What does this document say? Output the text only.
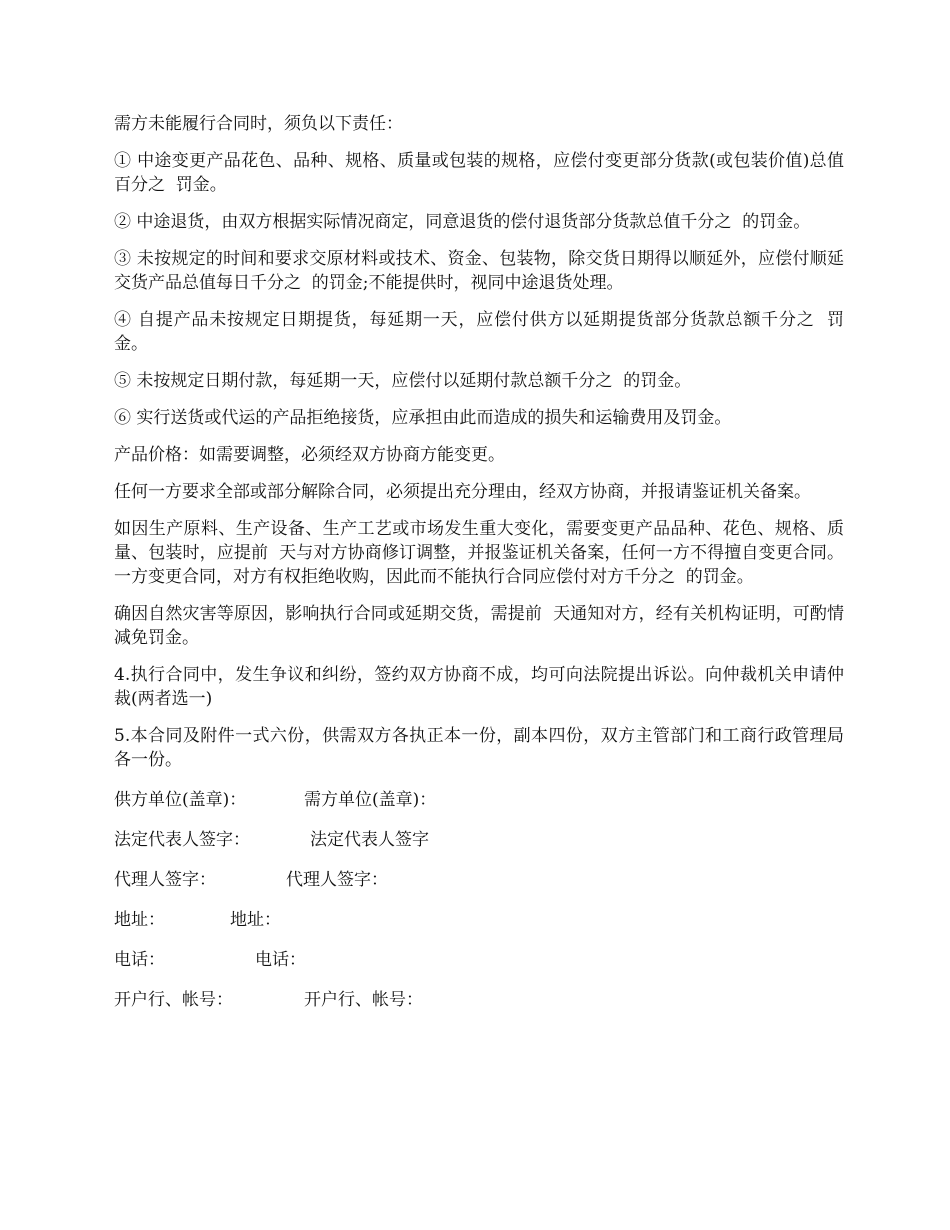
需方未能履行合同时，须负以下责任：

① 中途变更产品花色、品种、规格、质量或包装的规格，应偿付变更部分货款(或包装价值)总值百分之  罚金。

② 中途退货，由双方根据实际情况商定，同意退货的偿付退货部分货款总值千分之  的罚金。

③ 未按规定的时间和要求交原材料或技术、资金、包装物，除交货日期得以顺延外，应偿付顺延交货产品总值每日千分之  的罚金;不能提供时，视同中途退货处理。

④ 自提产品未按规定日期提货，每延期一天，应偿付供方以延期提货部分货款总额千分之  罚金。

⑤ 未按规定日期付款，每延期一天，应偿付以延期付款总额千分之  的罚金。

⑥ 实行送货或代运的产品拒绝接货，应承担由此而造成的损失和运输费用及罚金。

产品价格：如需要调整，必须经双方协商方能变更。

任何一方要求全部或部分解除合同，必须提出充分理由，经双方协商，并报请鉴证机关备案。

如因生产原料、生产设备、生产工艺或市场发生重大变化，需要变更产品品种、花色、规格、质量、包装时，应提前  天与对方协商修订调整，并报鉴证机关备案，任何一方不得擅自变更合同。一方变更合同，对方有权拒绝收购，因此而不能执行合同应偿付对方千分之  的罚金。

确因自然灾害等原因，影响执行合同或延期交货，需提前  天通知对方，经有关机构证明，可酌情减免罚金。

4.执行合同中，发生争议和纠纷，签约双方协商不成，均可向法院提出诉讼。向仲裁机关申请仲裁(两者选一)

5.本合同及附件一式六份，供需双方各执正本一份，副本四份，双方主管部门和工商行政管理局各一份。

供方单位(盖章)：	需方单位(盖章)：
法定代表人签字：	法定代表人签字
代理人签字：	代理人签字：
地址：	地址：
电话：	电话：
开户行、帐号：	开户行、帐号：
